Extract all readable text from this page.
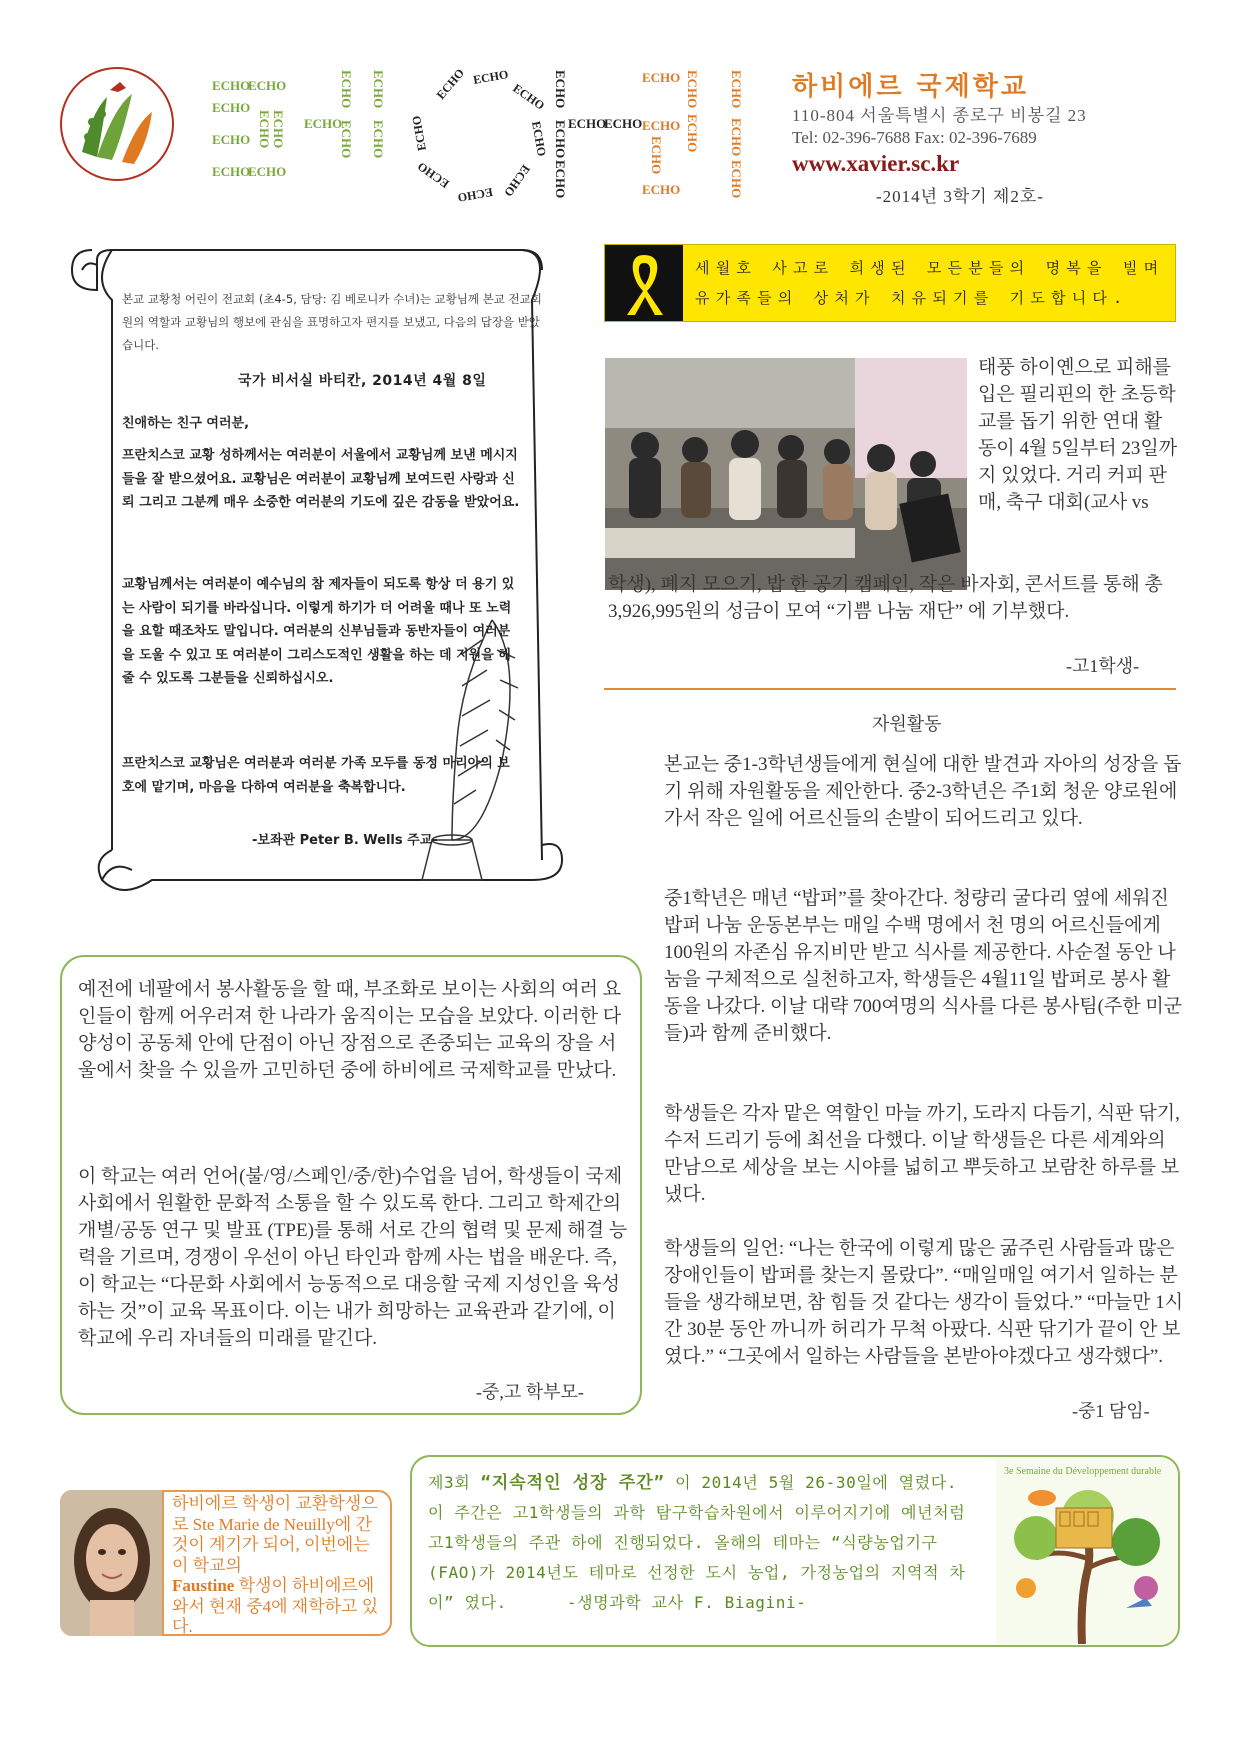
ECHO
ECHO
ECHO
ECHO
ECHO
ECHO
ECHO ECHO ECHO
ECHO
ECHO
ECHO
ECHO
ECHO ECHO
ECHO
ECHO
ECHO
ECHO
ECHO
ECHO
ECHO
ECHO
ECHO
ECHO
ECHO
ECHO ECHO
ECHO
ECHO
ECHO
ECHO
ECHO
ECHO
ECHO
하비에르 국제학교
110-804 서울특별시 종로구 비봉길 23
Tel: 02-396-7688 Fax: 02-396-7689
www.xavier.sc.kr
-2014년 3학기 제2호-
본교 교황청 어린이 전교회 (초4-5, 담당: 김 베로니카 수녀)는 교황님께 본교 전교회원의 역할과 교황님의 행보에 관심을 표명하고자 편지를 보냈고, 다음의 답장을 받았습니다.
국가 비서실 바티칸, 2014년 4월 8일
친애하는 친구 여러분,
프란치스코 교황 성하께서는 여러분이 서울에서 교황님께 보낸 메시지들을 잘 받으셨어요. 교황님은 여러분이 교황님께 보여드린 사랑과 신뢰 그리고 그분께 매우 소중한 여러분의 기도에 깊은 감동을 받았어요.
교황님께서는 여러분이 예수님의 참 제자들이 되도록 항상 더 용기 있는 사람이 되기를 바라십니다. 이렇게 하기가 더 어려울 때나 또 노력을 요할 때조차도 말입니다. 여러분의 신부님들과 동반자들이 여러분을 도울 수 있고 또 여러분이 그리스도적인 생활을 하는 데 지원을 해 줄 수 있도록 그분들을 신뢰하십시오.
프란치스코 교황님은 여러분과 여러분 가족 모두를 동정 마리아의 보호에 맡기며, 마음을 다하여 여러분을 축복합니다.
-보좌관 Peter B. Wells 주교-
세월호 사고로 희생된 모든분들의 명복을 빌며 유가족들의 상처가 치유되기를 기도합니다.
태풍 하이옌으로 피해를 입은 필리핀의 한 초등학교를 돕기 위한 연대 활동이 4월 5일부터 23일까지 있었다. 거리 커피 판매, 축구 대회(교사 vs
학생), 폐지 모으기, 밥 한 공기 캠페인, 작은 바자회, 콘서트를 통해 총 3,926,995원의 성금이 모여 “기쁨 나눔 재단” 에 기부했다.
-고1학생-
자원활동
본교는 중1-3학년생들에게 현실에 대한 발견과 자아의 성장을 돕기 위해 자원활동을 제안한다. 중2-3학년은 주1회 청운 양로원에 가서 작은 일에 어르신들의 손발이 되어드리고 있다.
중1학년은 매년 “밥퍼”를 찾아간다. 청량리 굴다리 옆에 세워진 밥퍼 나눔 운동본부는 매일 수백 명에서 천 명의 어르신들에게 100원의 자존심 유지비만 받고 식사를 제공한다. 사순절 동안 나눔을 구체적으로 실천하고자, 학생들은 4월11일 밥퍼로 봉사 활동을 나갔다. 이날 대략 700여명의 식사를 다른 봉사팀(주한 미군들)과 함께 준비했다.
학생들은 각자 맡은 역할인 마늘 까기, 도라지 다듬기, 식판 닦기, 수저 드리기 등에 최선을 다했다. 이날 학생들은 다른 세계와의 만남으로 세상을 보는 시야를 넓히고 뿌듯하고 보람찬 하루를 보냈다.
학생들의 일언: “나는 한국에 이렇게 많은 굶주린 사람들과 많은 장애인들이 밥퍼를 찾는지 몰랐다”. “매일매일 여기서 일하는 분들을 생각해보면, 참 힘들 것 같다는 생각이 들었다.” “마늘만 1시간 30분 동안 까니까 허리가 무척 아팠다. 식판 닦기가 끝이 안 보였다.” “그곳에서 일하는 사람들을 본받아야겠다고 생각했다”.
-중1 담임-
예전에 네팔에서 봉사활동을 할 때, 부조화로 보이는 사회의 여러 요인들이 함께 어우러져 한 나라가 움직이는 모습을 보았다. 이러한 다양성이 공동체 안에 단점이 아닌 장점으로 존중되는 교육의 장을 서울에서 찾을 수 있을까 고민하던 중에 하비에르 국제학교를 만났다.
이 학교는 여러 언어(불/영/스페인/중/한)수업을 넘어, 학생들이 국제 사회에서 원활한 문화적 소통을 할 수 있도록 한다. 그리고 학제간의 개별/공동 연구 및 발표 (TPE)를 통해 서로 간의 협력 및 문제 해결 능력을 기르며, 경쟁이 우선이 아닌 타인과 함께 사는 법을 배운다. 즉, 이 학교는 “다문화 사회에서 능동적으로 대응할 국제 지성인을 육성하는 것”이 교육 목표이다. 이는 내가 희망하는 교육관과 같기에, 이 학교에 우리 자녀들의 미래를 맡긴다.
-중,고 학부모-
하비에르 학생이 교환학생으로 Ste Marie de Neuilly에 간 것이 계기가 되어, 이번에는 이 학교의
Faustine 학생이 하비에르에 와서 현재 중4에 재학하고 있다.
제3회 “지속적인 성장 주간” 이 2014년 5월 26-30일에 열렸다. 이 주간은 고1학생들의 과학 탐구학습차원에서 이루어지기에 예년처럼 고1학생들의 주관 하에 진행되었다. 올해의 테마는 “식량농업기구(FAO)가 2014년도 테마로 선정한 도시 농업, 가정농업의 지역적 차이” 였다.	-생명과학 교사 F. Biagini-
3e Semaine du Développement durable
